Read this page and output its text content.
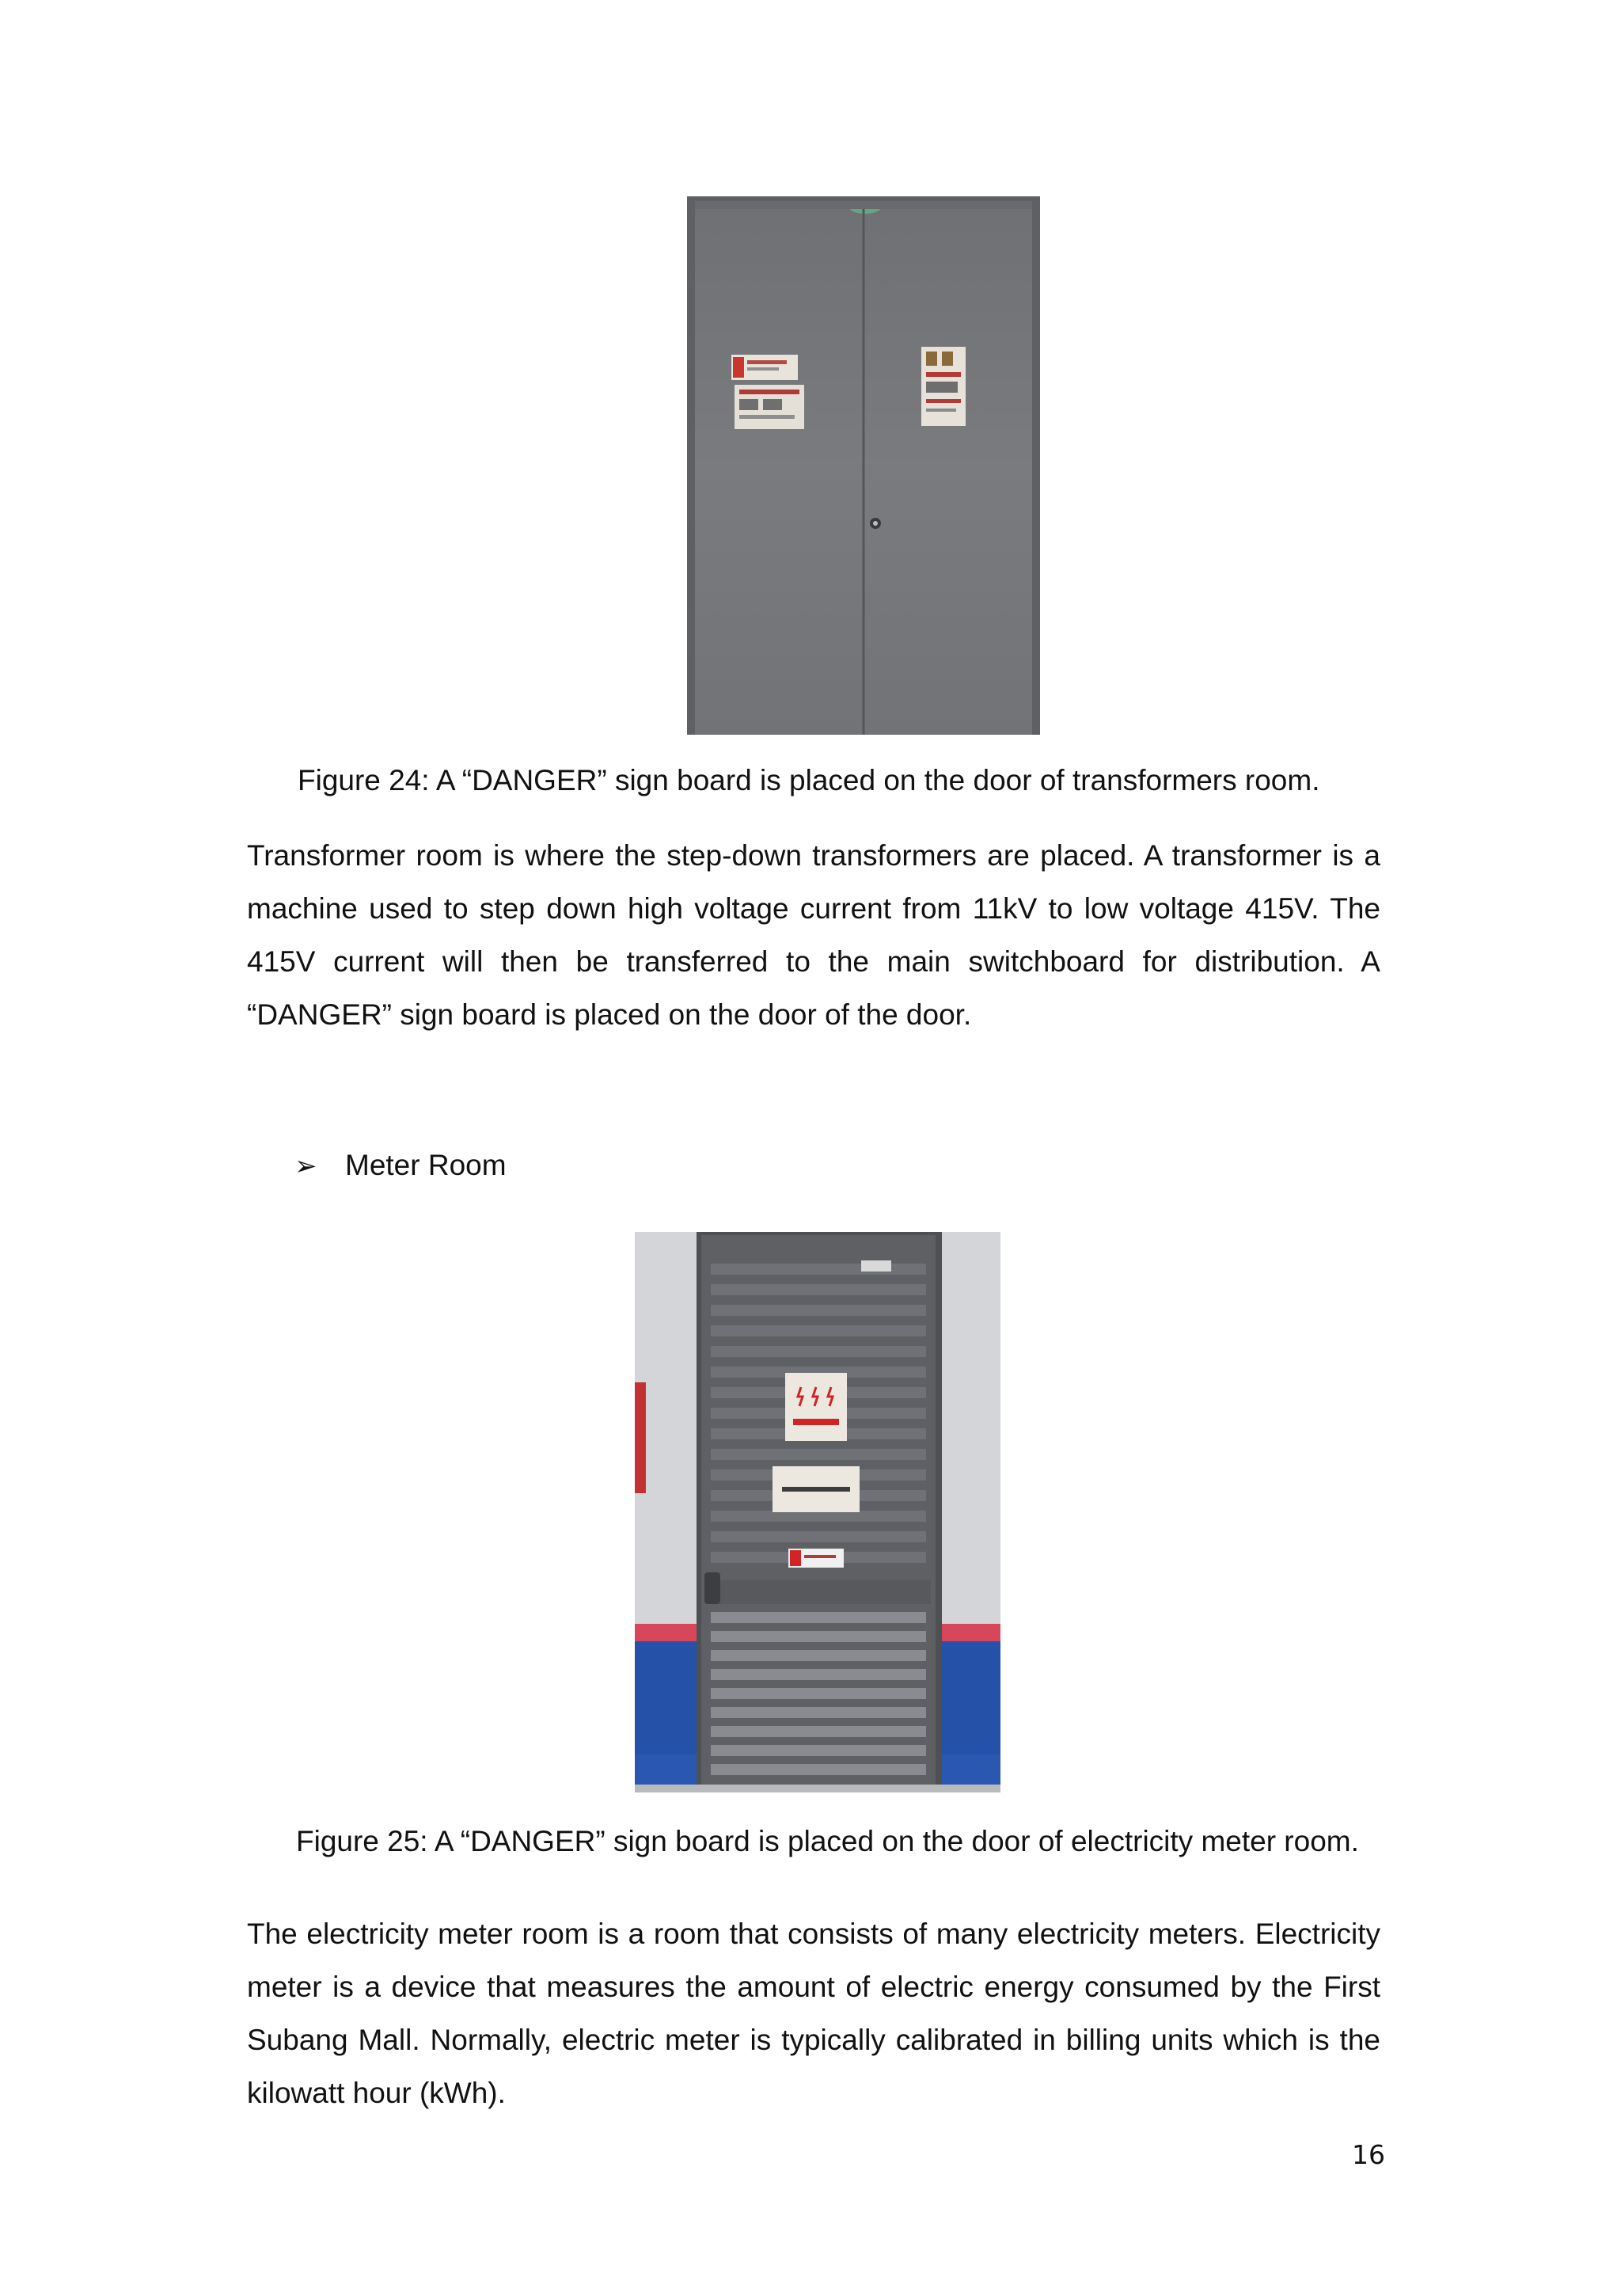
Figure 24: A “DANGER” sign board is placed on the door of transformers room.
Transformer room is where the step-down transformers are placed. A transformer is a machine used to step down high voltage current from 11kV to low voltage 415V. The 415V current will then be transferred to the main switchboard for distribution. A “DANGER” sign board is placed on the door of the door.
➢ Meter Room
Figure 25: A “DANGER” sign board is placed on the door of electricity meter room.
The electricity meter room is a room that consists of many electricity meters. Electricity meter is a device that measures the amount of electric energy consumed by the First Subang Mall. Normally, electric meter is typically calibrated in billing units which is the kilowatt hour (kWh).
16
